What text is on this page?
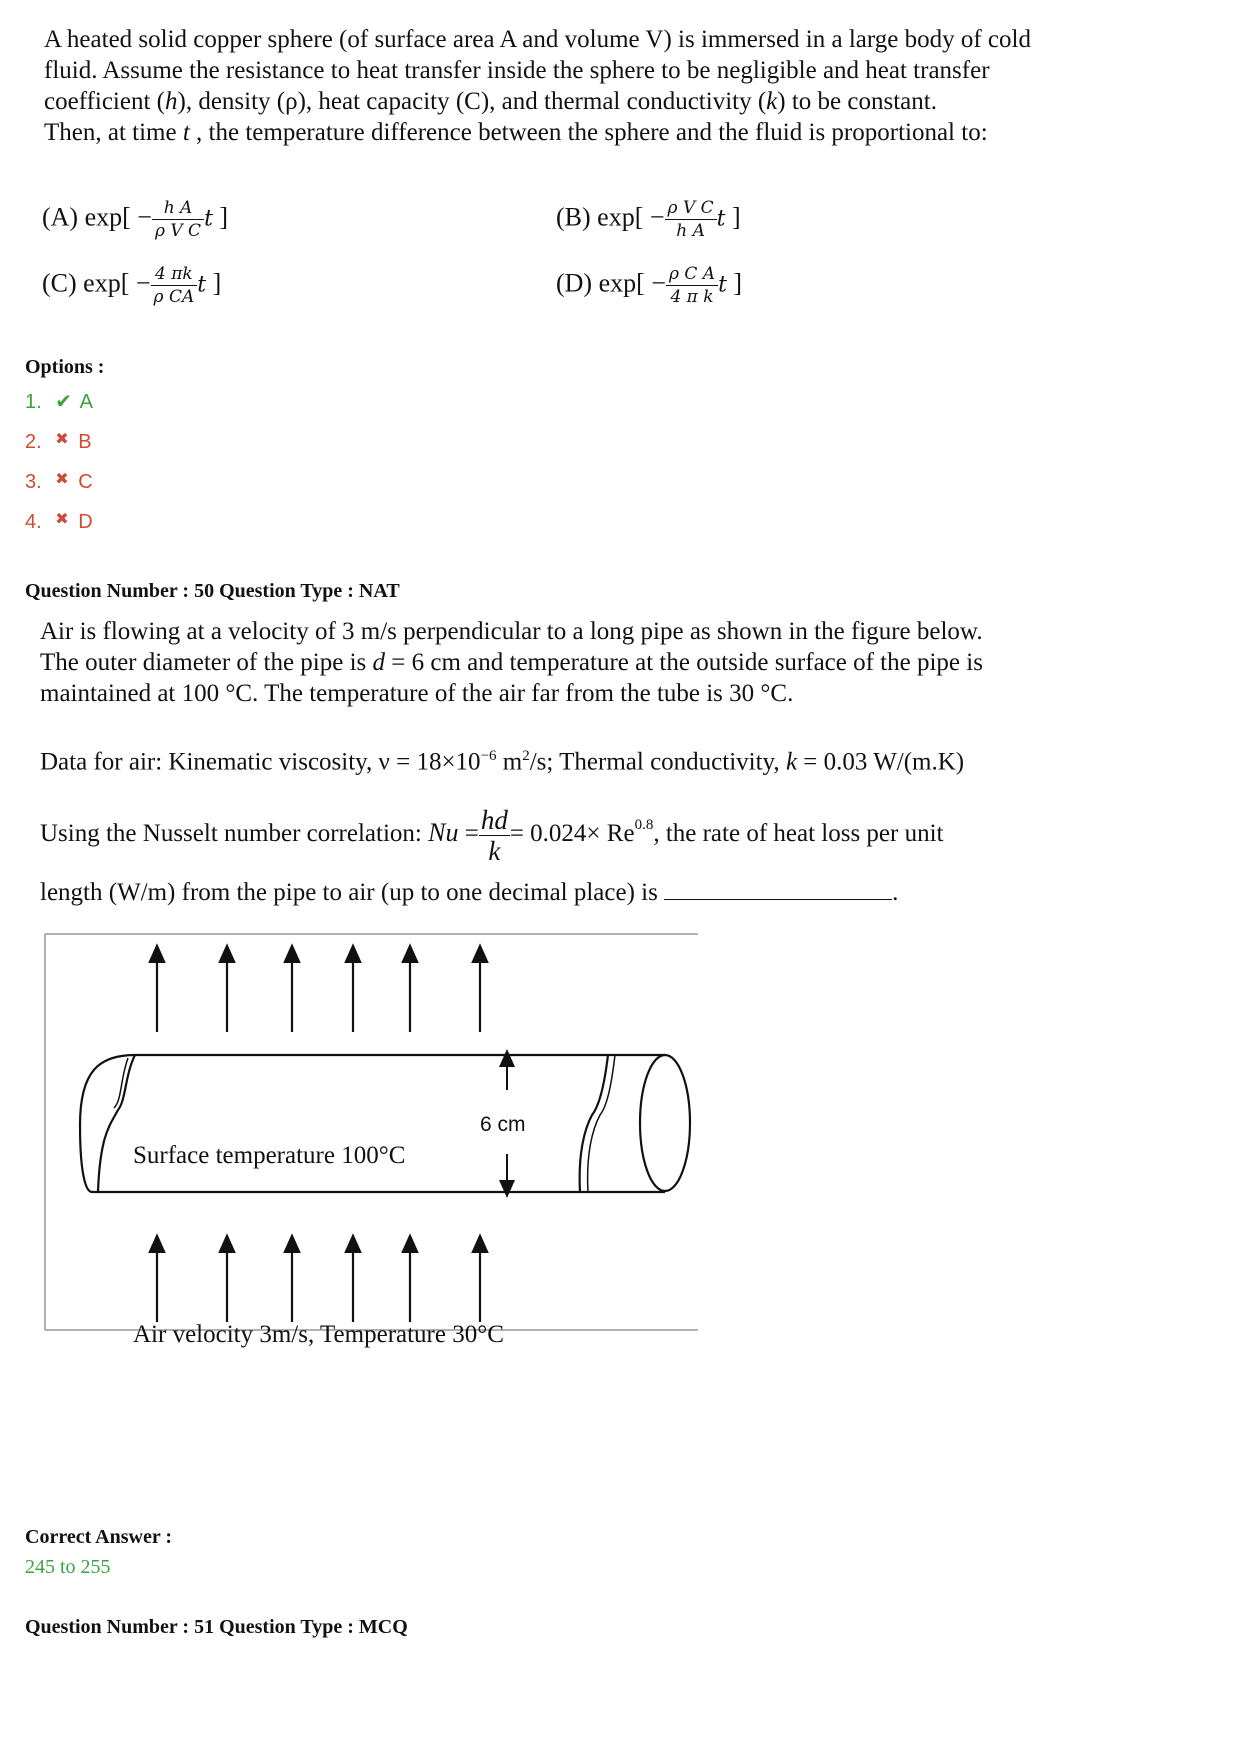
A heated solid copper sphere (of surface area A and volume V) is immersed in a large body of cold

fluid. Assume the resistance to heat transfer inside the sphere to be negligible and heat transfer

coefficient (h), density (ρ), heat capacity (C), and thermal conductivity (k) to be constant.

Then, at time t , the temperature difference between the sphere and the fluid is proportional to:

(A) $\exp[ - \frac{\text{h A}}{\text{ρ V C}}$ t ]	(B) $\exp[ - \frac{\text{ρ V C}}{\text{h A}}$ t ]
(C) $\exp[ - \frac{4 \pi k}{\text{ρ CA}}$ t ]	(D) $\exp[ - \frac{\text{ρ C A}}{\text{4 π k}}$ t ]
Options :
1. ✔ A
2. ✖ B
3. ✖ C
4. ✖ D
Question Number : 50 Question Type : NAT

Air is flowing at a velocity of 3 m/s perpendicular to a long pipe as shown in the figure below.

The outer diameter of the pipe is d = 6 cm and temperature at the outside surface of the pipe is

maintained at 100 °C. The temperature of the air far from the tube is 30 °C.

Data for air: Kinematic viscosity, $\nu = 18\times 10^{-6}$ $m^2/s$; Thermal conductivity, k = 0.03 W/(m.K)
Using the Nusselt number correlation: $Nu = \frac{hd}{k} = 0.024\times Re^{0.8}$, the rate of heat loss per unit
length (W/m) from the pipe to air (up to one decimal place) is	.
6 cm
Surface temperature 100°C
Air velocity 3m/s, Temperature 30°C
Correct Answer :
245 to 255
Question Number : 51 Question Type : MCQ
